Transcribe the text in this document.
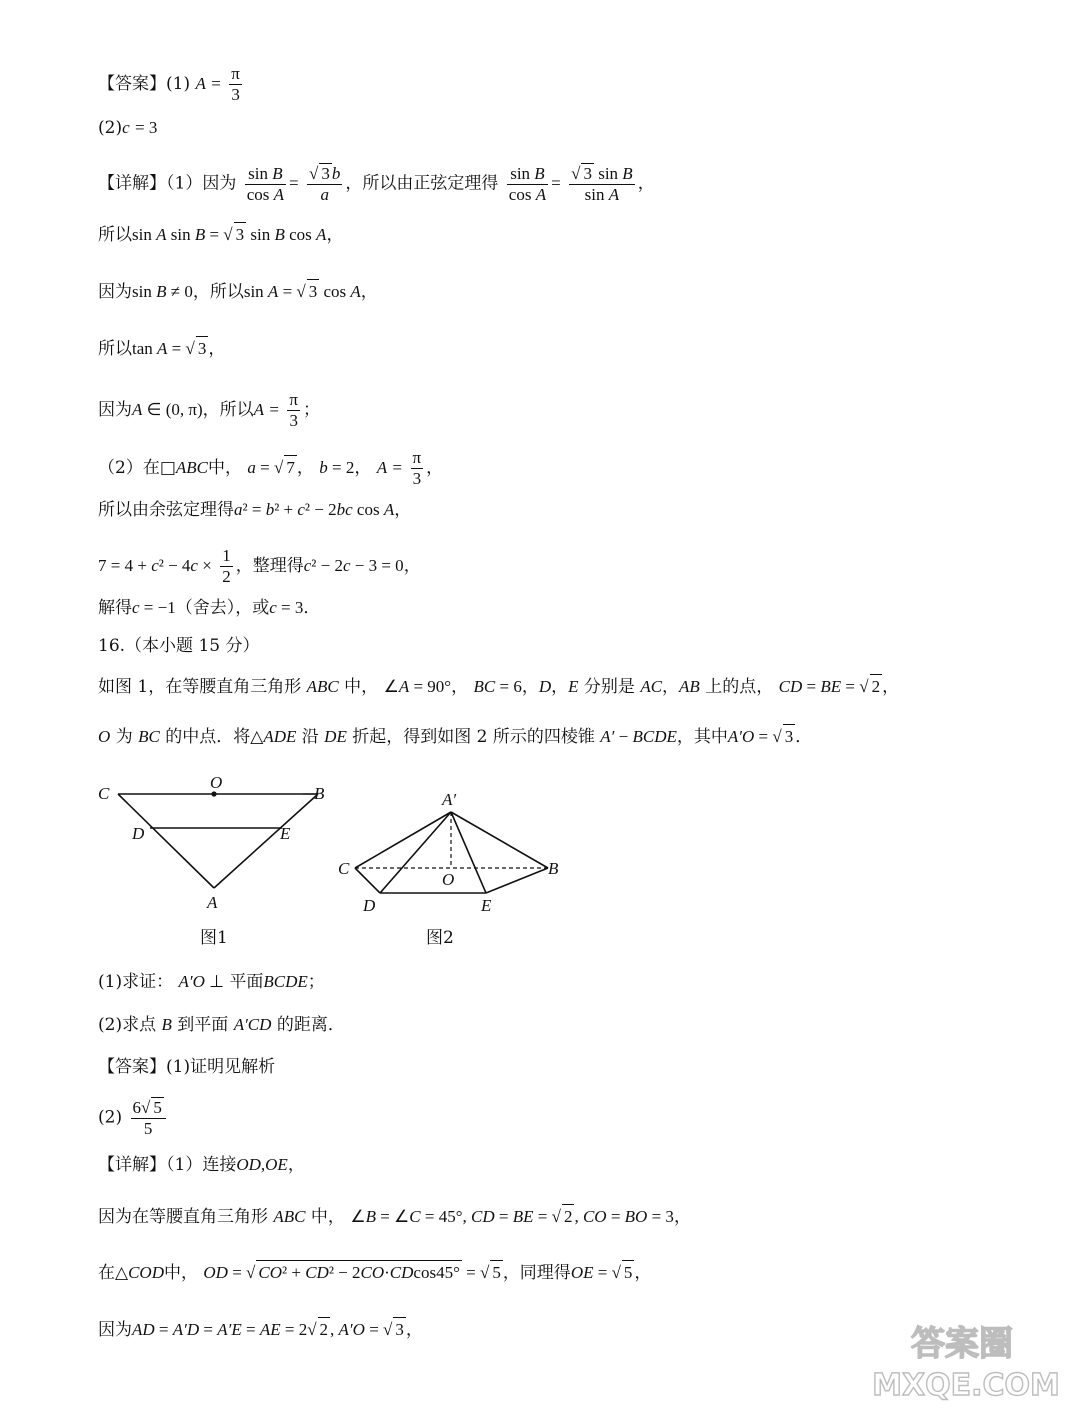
【答案】(1) $A = \frac{\pi}{3}$
(2)c = 3
【详解】（1）因为 $\frac{\text{sin B}}{\text{cos A}} = \frac{√ 3 b}{a}$ ，所以由正弦定理得 $\frac{\text{sin B}}{\text{cos A}} = \frac{\text{√ 3 sin B}}{\text{sin A}}$ ，
所以sin A sin B = √ 3 sin B cos A，
因为sin B ≠ 0，所以sin A = √ 3 cos A，
所以tan A = √ 3 ，
因为A ∈ (0, π)，所以$A = \frac{\pi}{3}$ ；
（2）在□ABC中， a = √ 7 ， b = 2， $A = \frac{\pi}{3}$ ，
所以由余弦定理得a² = b² + c² − 2bc cos A，
$7 = 4 + c^2 - 4c \times \frac{1}{2}$ ，整理得c² − 2c − 3 = 0，
解得c = −1（舍去），或c = 3．
16.（本小题 15 分）
如图 1，在等腰直角三角形 ABC 中， ∠A = 90°， BC = 6，D，E 分别是 AC，AB 上的点， CD = BE = √ 2 ，
O 为 BC 的中点．将△ADE 沿 DE 折起，得到如图 2 所示的四棱锥 A′ − BCDE，其中A′O = √ 3 ．
C
O
B
D	E
A
图1
A′
C
O
B
D	E
图2
(1)求证： A′O ⊥ 平面BCDE；
(2)求点 B 到平面 A′CD 的距离．
【答案】(1)证明见解析
$(2) \frac{6√ 5}{5}$
【详解】（1）连接OD,OE，
因为在等腰直角三角形 ABC 中， ∠B = ∠C = 45°, CD = BE = √ 2 , CO = BO = 3，
在△COD中， OD = √ CO² + CD² − 2CO·CDcos45° = √ 5 ，同理得OE = √ 5 ，
因为AD = A′D = A′E = AE = 2√ 2 , A′O = √ 3 ，	答案圈
MXQE.COM
